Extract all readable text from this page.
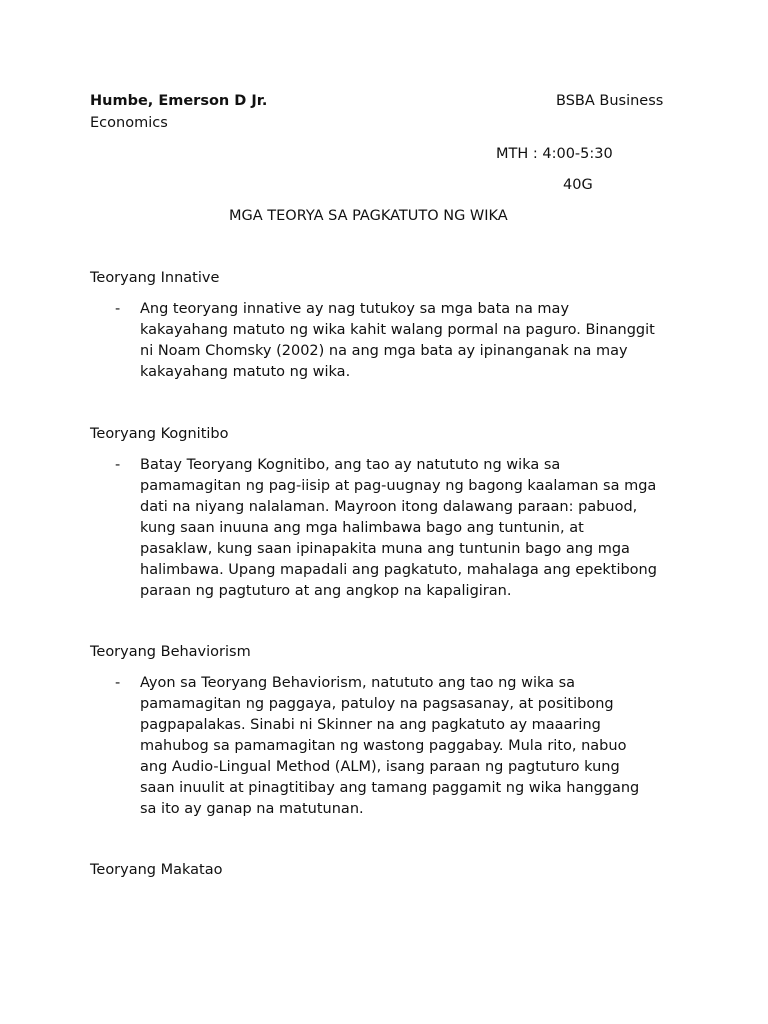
Humbe, Emerson D Jr.	BSBA Business
Economics
MTH : 4:00-5:30
40G
MGA TEORYA SA PAGKATUTO NG WIKA
Teoryang Innative
- Ang teoryang innative ay nag tutukoy sa mga bata na may
kakayahang matuto ng wika kahit walang pormal na paguro. Binanggit
ni Noam Chomsky (2002) na ang mga bata ay ipinanganak na may
kakayahang matuto ng wika.
Teoryang Kognitibo
- Batay Teoryang Kognitibo, ang tao ay natututo ng wika sa
pamamagitan ng pag-iisip at pag-uugnay ng bagong kaalaman sa mga
dati na niyang nalalaman. Mayroon itong dalawang paraan: pabuod,
kung saan inuuna ang mga halimbawa bago ang tuntunin, at
pasaklaw, kung saan ipinapakita muna ang tuntunin bago ang mga
halimbawa. Upang mapadali ang pagkatuto, mahalaga ang epektibong
paraan ng pagtuturo at ang angkop na kapaligiran.
Teoryang Behaviorism
- Ayon sa Teoryang Behaviorism, natututo ang tao ng wika sa
pamamagitan ng paggaya, patuloy na pagsasanay, at positibong
pagpapalakas. Sinabi ni Skinner na ang pagkatuto ay maaaring
mahubog sa pamamagitan ng wastong paggabay. Mula rito, nabuo
ang Audio-Lingual Method (ALM), isang paraan ng pagtuturo kung
saan inuulit at pinagtitibay ang tamang paggamit ng wika hanggang
sa ito ay ganap na matutunan.
Teoryang Makatao
